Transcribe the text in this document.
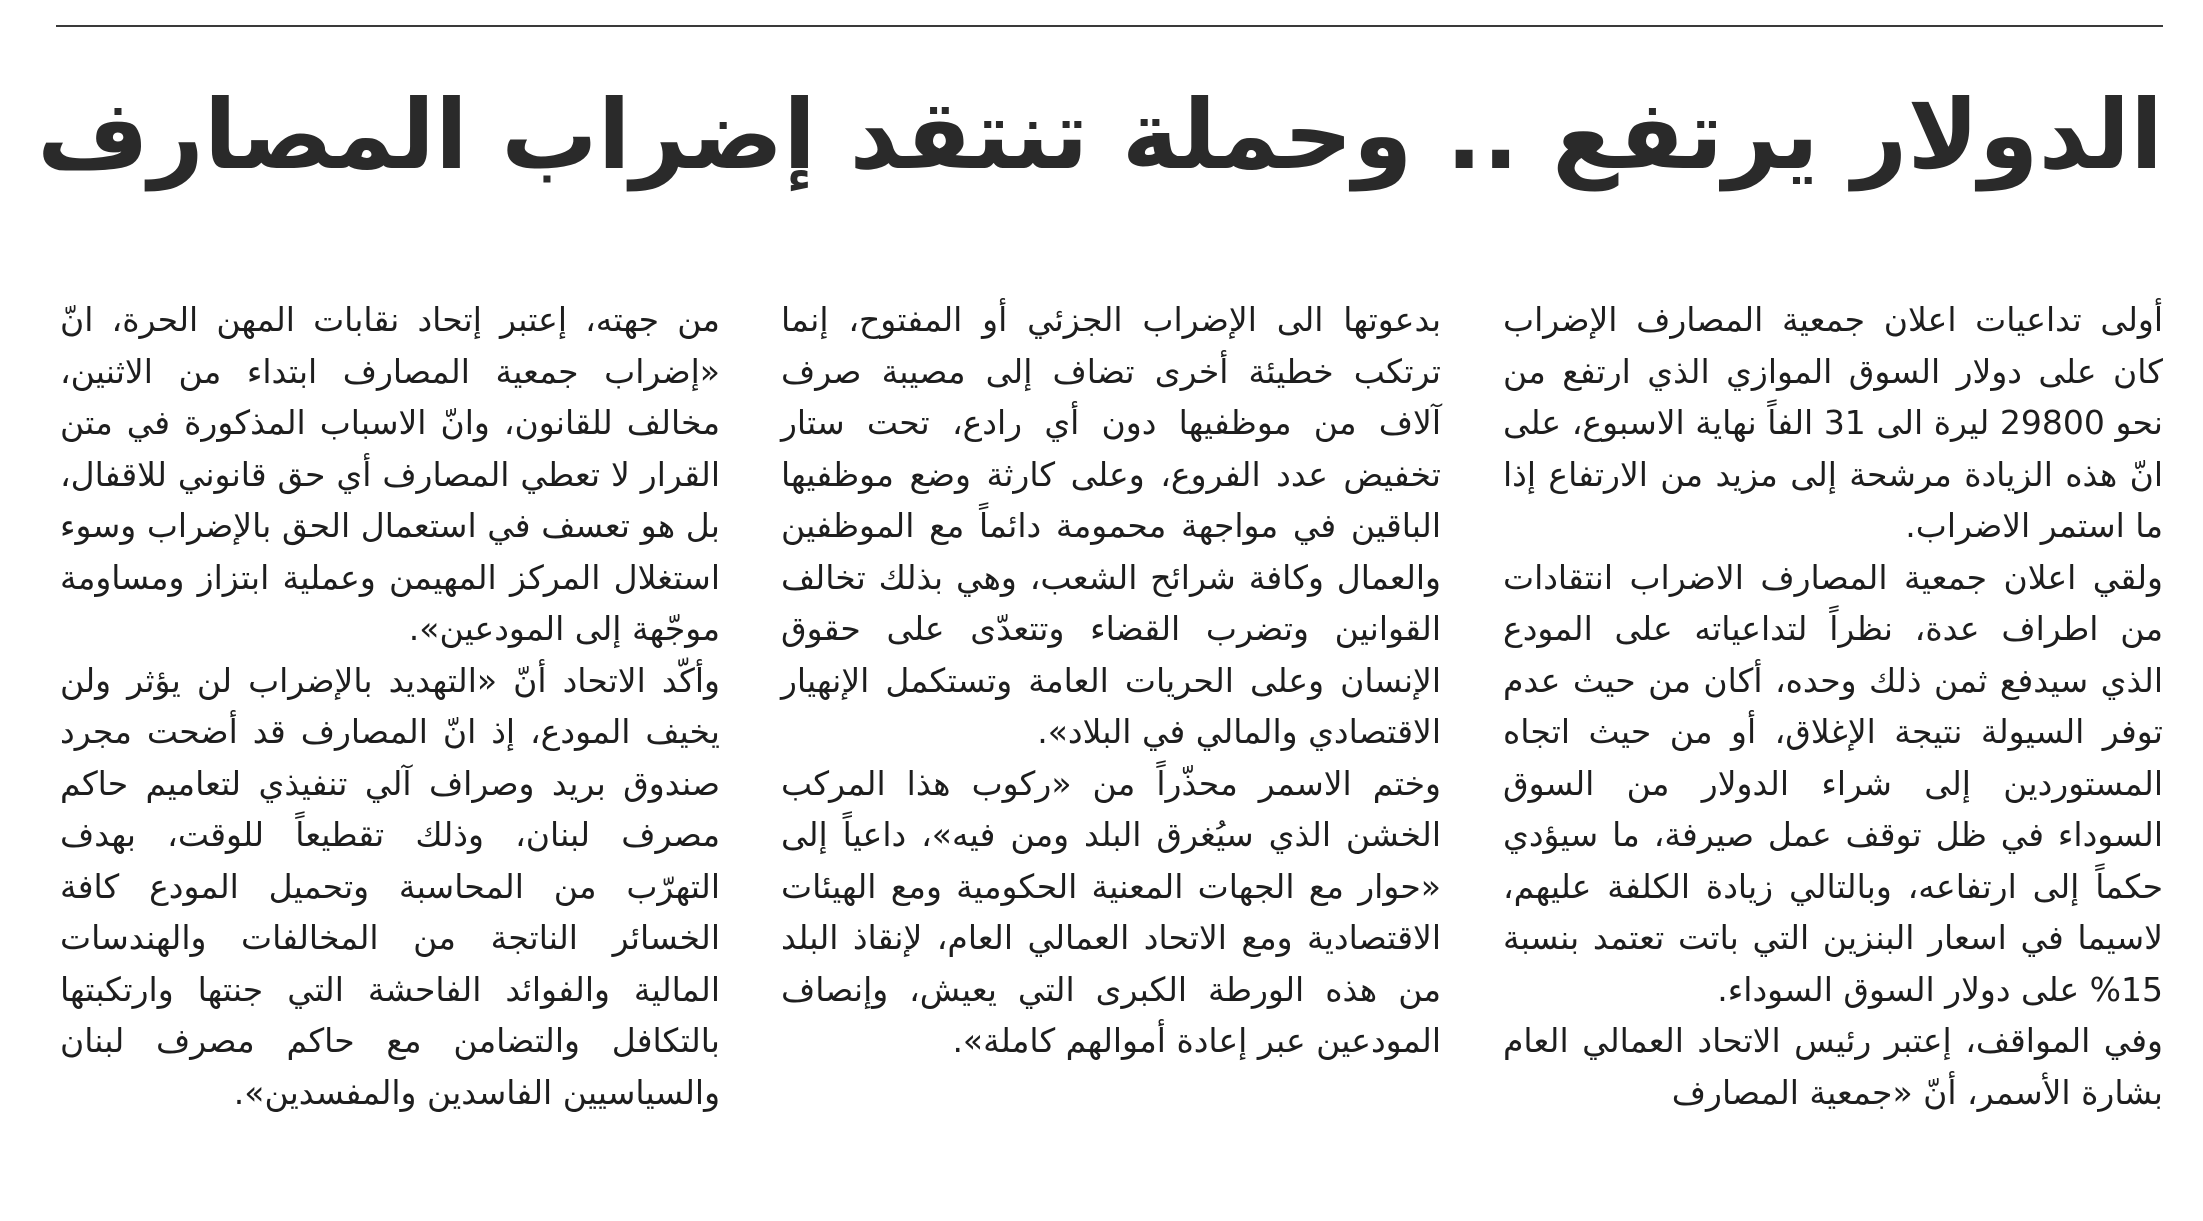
الدولار يرتفع .. وحملة تنتقد إضراب المصارف

أولى تداعيات اعلان جمعية المصارف الإضراب كان على دولار السوق الموازي الذي ارتفع من نحو 29800 ليرة الى 31 الفاً نهاية الاسبوع، على انّ هذه الزيادة مرشحة إلى مزيد من الارتفاع إذا ما استمر الاضراب.

ولقي اعلان جمعية المصارف الاضراب انتقادات من اطراف عدة، نظراً لتداعياته على المودع الذي سيدفع ثمن ذلك وحده، أكان من حيث عدم توفر السيولة نتيجة الإغلاق، أو من حيث اتجاه المستوردين إلى شراء الدولار من السوق السوداء في ظل توقف عمل صيرفة، ما سيؤدي حكماً إلى ارتفاعه، وبالتالي زيادة الكلفة عليهم، لاسيما في اسعار البنزين التي باتت تعتمد بنسبة 15% على دولار السوق السوداء.

وفي المواقف، إعتبر رئيس الاتحاد العمالي العام بشارة الأسمر، أنّ «جمعية المصارف

بدعوتها الى الإضراب الجزئي أو المفتوح، إنما ترتكب خطيئة أخرى تضاف إلى مصيبة صرف آلاف من موظفيها دون أي رادع، تحت ستار تخفيض عدد الفروع، وعلى كارثة وضع موظفيها الباقين في مواجهة محمومة دائماً مع الموظفين والعمال وكافة شرائح الشعب، وهي بذلك تخالف القوانين وتضرب القضاء وتتعدّى على حقوق الإنسان وعلى الحريات العامة وتستكمل الإنهيار الاقتصادي والمالي في البلاد».

وختم الاسمر محذّراً من «ركوب هذا المركب الخشن الذي سيُغرق البلد ومن فيه»، داعياً إلى «حوار مع الجهات المعنية الحكومية ومع الهيئات الاقتصادية ومع الاتحاد العمالي العام، لإنقاذ البلد من هذه الورطة الكبرى التي يعيش، وإنصاف المودعين عبر إعادة أموالهم كاملة».

من جهته، إعتبر إتحاد نقابات المهن الحرة، انّ «إضراب جمعية المصارف ابتداء من الاثنين، مخالف للقانون، وانّ الاسباب المذكورة في متن القرار لا تعطي المصارف أي حق قانوني للاقفال، بل هو تعسف في استعمال الحق بالإضراب وسوء استغلال المركز المهيمن وعملية ابتزاز ومساومة موجّهة إلى المودعين».

وأكّد الاتحاد أنّ «التهديد بالإضراب لن يؤثر ولن يخيف المودع، إذ انّ المصارف قد أضحت مجرد صندوق بريد وصراف آلي تنفيذي لتعاميم حاكم مصرف لبنان، وذلك تقطيعاً للوقت، بهدف التهرّب من المحاسبة وتحميل المودع كافة الخسائر الناتجة من المخالفات والهندسات المالية والفوائد الفاحشة التي جنتها وارتكبتها بالتكافل والتضامن مع حاكم مصرف لبنان والسياسيين الفاسدين والمفسدين».
